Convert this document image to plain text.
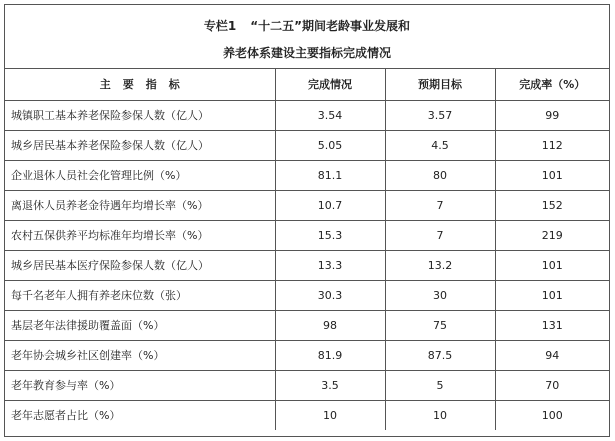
专栏1 “十二五”期间老龄事业发展和
养老体系建设主要指标完成情况
主要指标	完成情况	预期目标	完成率（%）
城镇职工基本养老保险参保人数（亿人）	3.54	3.57	99
城乡居民基本养老保险参保人数（亿人）	5.05	4.5	112
企业退休人员社会化管理比例（%）	81.1	80	101
离退休人员养老金待遇年均增长率（%）	10.7	7	152
农村五保供养平均标准年均增长率（%）	15.3	7	219
城乡居民基本医疗保险参保人数（亿人）	13.3	13.2	101
每千名老年人拥有养老床位数（张）	30.3	30	101
基层老年法律援助覆盖面（%）	98	75	131
老年协会城乡社区创建率（%）	81.9	87.5	94
老年教育参与率（%）	3.5	5	70
老年志愿者占比（%）	10	10	100
